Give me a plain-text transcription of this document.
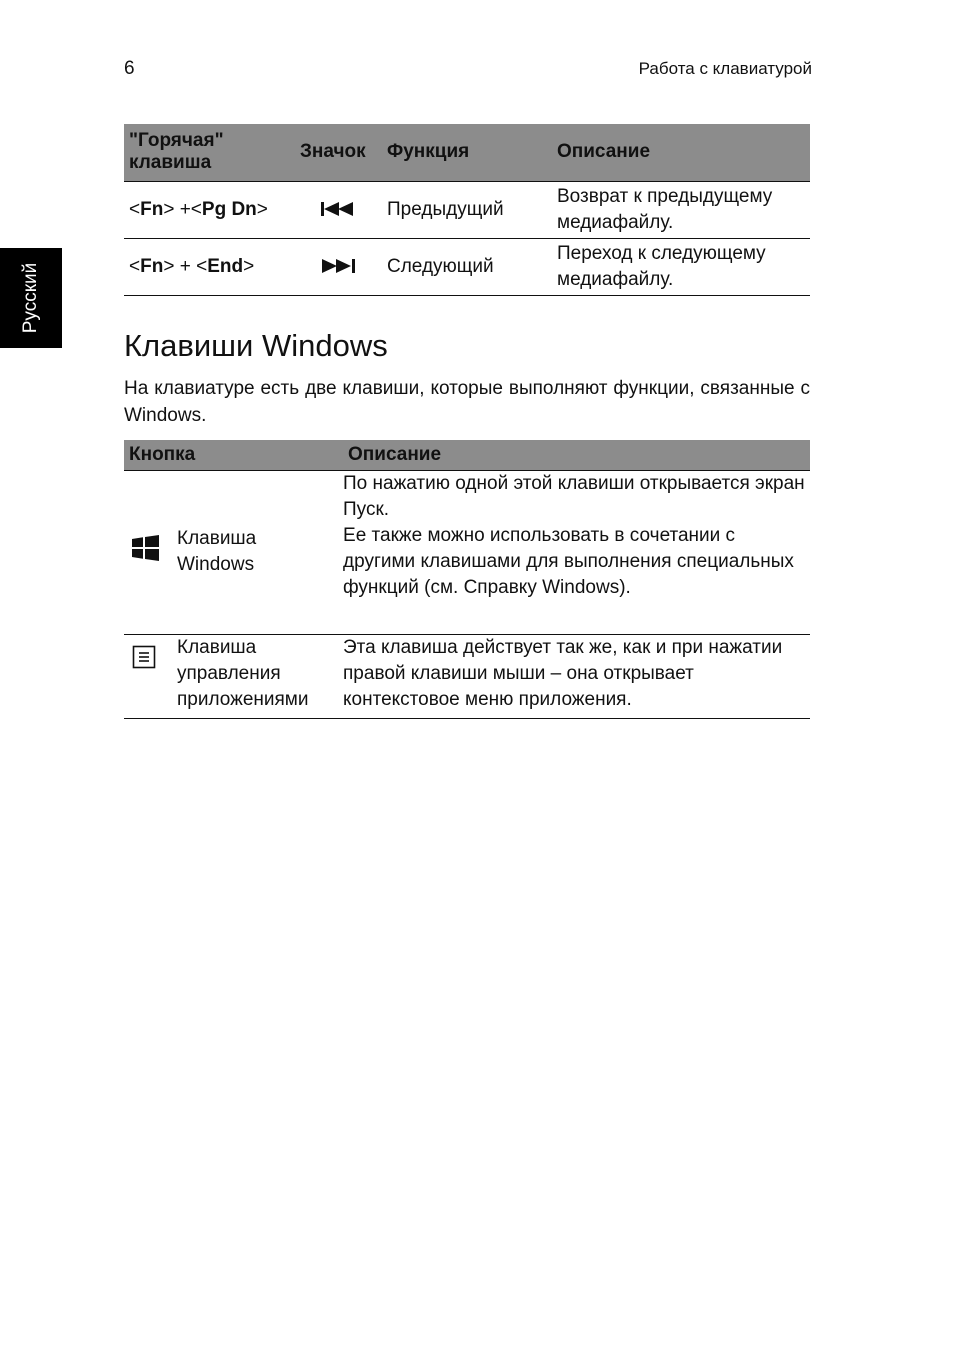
6	Работа с клавиатурой
Русский
"Горячая" клавиша	Значок	Функция	Описание
<Fn> +<Pg Dn>		Предыдущий	Возврат к предыдущему медиафайлу.
<Fn> + <End>		Следующий	Переход к следующему медиафайлу.
Клавиши Windows

На клавиатуре есть две клавиши, которые выполняют функции, связанные с Windows.

Кнопка		Описание

Клавиша
Windows	По нажатию одной этой клавиши открывается экран Пуск.
Ее также можно использовать в сочетании с другими клавишами для выполнения специальных функций (см. Справку Windows).

Клавиша
управления
приложениями	Эта клавиша действует так же, как и при нажатии правой клавиши мыши – она открывает контекстовое меню приложения.
